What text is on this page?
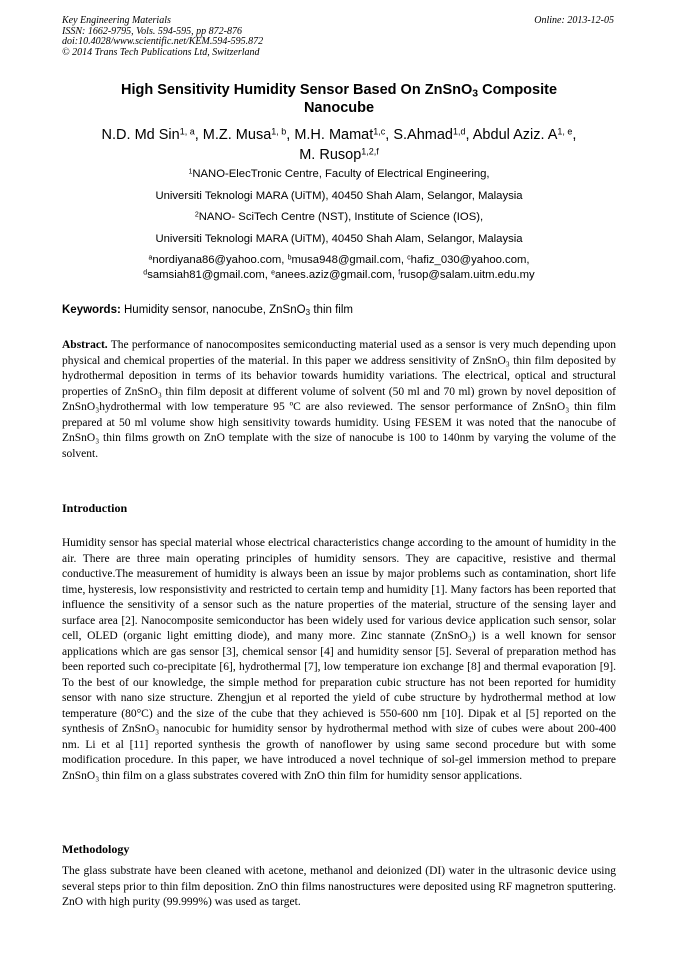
Key Engineering Materials
ISSN: 1662-9795, Vols. 594-595, pp 872-876
doi:10.4028/www.scientific.net/KEM.594-595.872
© 2014 Trans Tech Publications Ltd, Switzerland
Online: 2013-12-05
High Sensitivity Humidity Sensor Based On ZnSnO$_3$ Composite
Nanocube
N.D. Md Sin$^{1, a}$, M.Z. Musa$^{1, b}$, M.H. Mamat$^{1,c}$, S.Ahmad$^{1,d}$, Abdul Aziz. A$^{1, e}$,
M. Rusop$^{1,2,f}$
$^1$NANO-ElecTronic Centre, Faculty of Electrical Engineering,
Universiti Teknologi MARA (UiTM), 40450 Shah Alam, Selangor, Malaysia
$^2$NANO- SciTech Centre (NST), Institute of Science (IOS),
Universiti Teknologi MARA (UiTM), 40450 Shah Alam, Selangor, Malaysia
$^a$nordiyana86@yahoo.com, $^b$musa948@gmail.com, $^c$hafiz_030@yahoo.com,
$^d$samsiah81@gmail.com, $^e$anees.aziz@gmail.com, $^f$rusop@salam.uitm.edu.my
Keywords: Humidity sensor, nanocube, ZnSnO$_3$ thin film
Abstract. The performance of nanocomposites semiconducting material used as a sensor is very much depending upon physical and chemical properties of the material. In this paper we address sensitivity of ZnSnO₃ thin film deposited by hydrothermal deposition in terms of its behavior towards humidity variations. The electrical, optical and structural properties of ZnSnO₃ thin film deposit at different volume of solvent (50 ml and 70 ml) grown by novel deposition of ZnSnO₃hydrothermal with low temperature 95 ºC are also reviewed. The sensor performance of ZnSnO₃ thin film prepared at 50 ml volume show high sensitivity towards humidity. Using FESEM it was noted that the nanocube of ZnSnO₃ thin films growth on ZnO template with the size of nanocube is 100 to 140nm by varying the volume of the solvent.
Introduction
Humidity sensor has special material whose electrical characteristics change according to the amount of humidity in the air. There are three main operating principles of humidity sensors. They are capacitive, resistive and thermal conductive.The measurement of humidity is always been an issue by major problems such as contamination, short life time, hysteresis, low responsistivity and restricted to certain temp and humidity [1]. Many factors has been reported that influence the sensitivity of a sensor such as the nature properties of the material, structure of the sensing layer and surface area [2]. Nanocomposite semiconductor has been widely used for various device application such sensor, solar cell, OLED (organic light emitting diode), and many more. Zinc stannate (ZnSnO₃) is a well known for sensor applications which are gas sensor [3], chemical sensor [4] and humidity sensor [5]. Several of preparation method has been reported such co-precipitate [6], hydrothermal [7], low temperature ion exchange [8] and thermal evaporation [9]. To the best of our knowledge, the simple method for preparation cubic structure has not been reported for humidity sensor with nano size structure. Zhengjun et al reported the yield of cube structure by hydrothermal method at low temperature (80°C) and the size of the cube that they achieved is 550-600 nm [10]. Dipak et al [5] reported on the synthesis of ZnSnO₃ nanocubic for humidity sensor by hydrothermal method with size of cubes were about 200-400 nm. Li et al [11] reported synthesis the growth of nanoflower by using same second procedure but with some modification procedure. In this paper, we have introduced a novel technique of sol-gel immersion method to prepare ZnSnO₃ thin film on a glass substrates covered with ZnO thin film for humidity sensor applications.
Methodology
The glass substrate have been cleaned with acetone, methanol and deionized (DI) water in the ultrasonic device using several steps prior to thin film deposition. ZnO thin films nanostructures were deposited using RF magnetron sputtering. ZnO with high purity (99.999%) was used as target.
